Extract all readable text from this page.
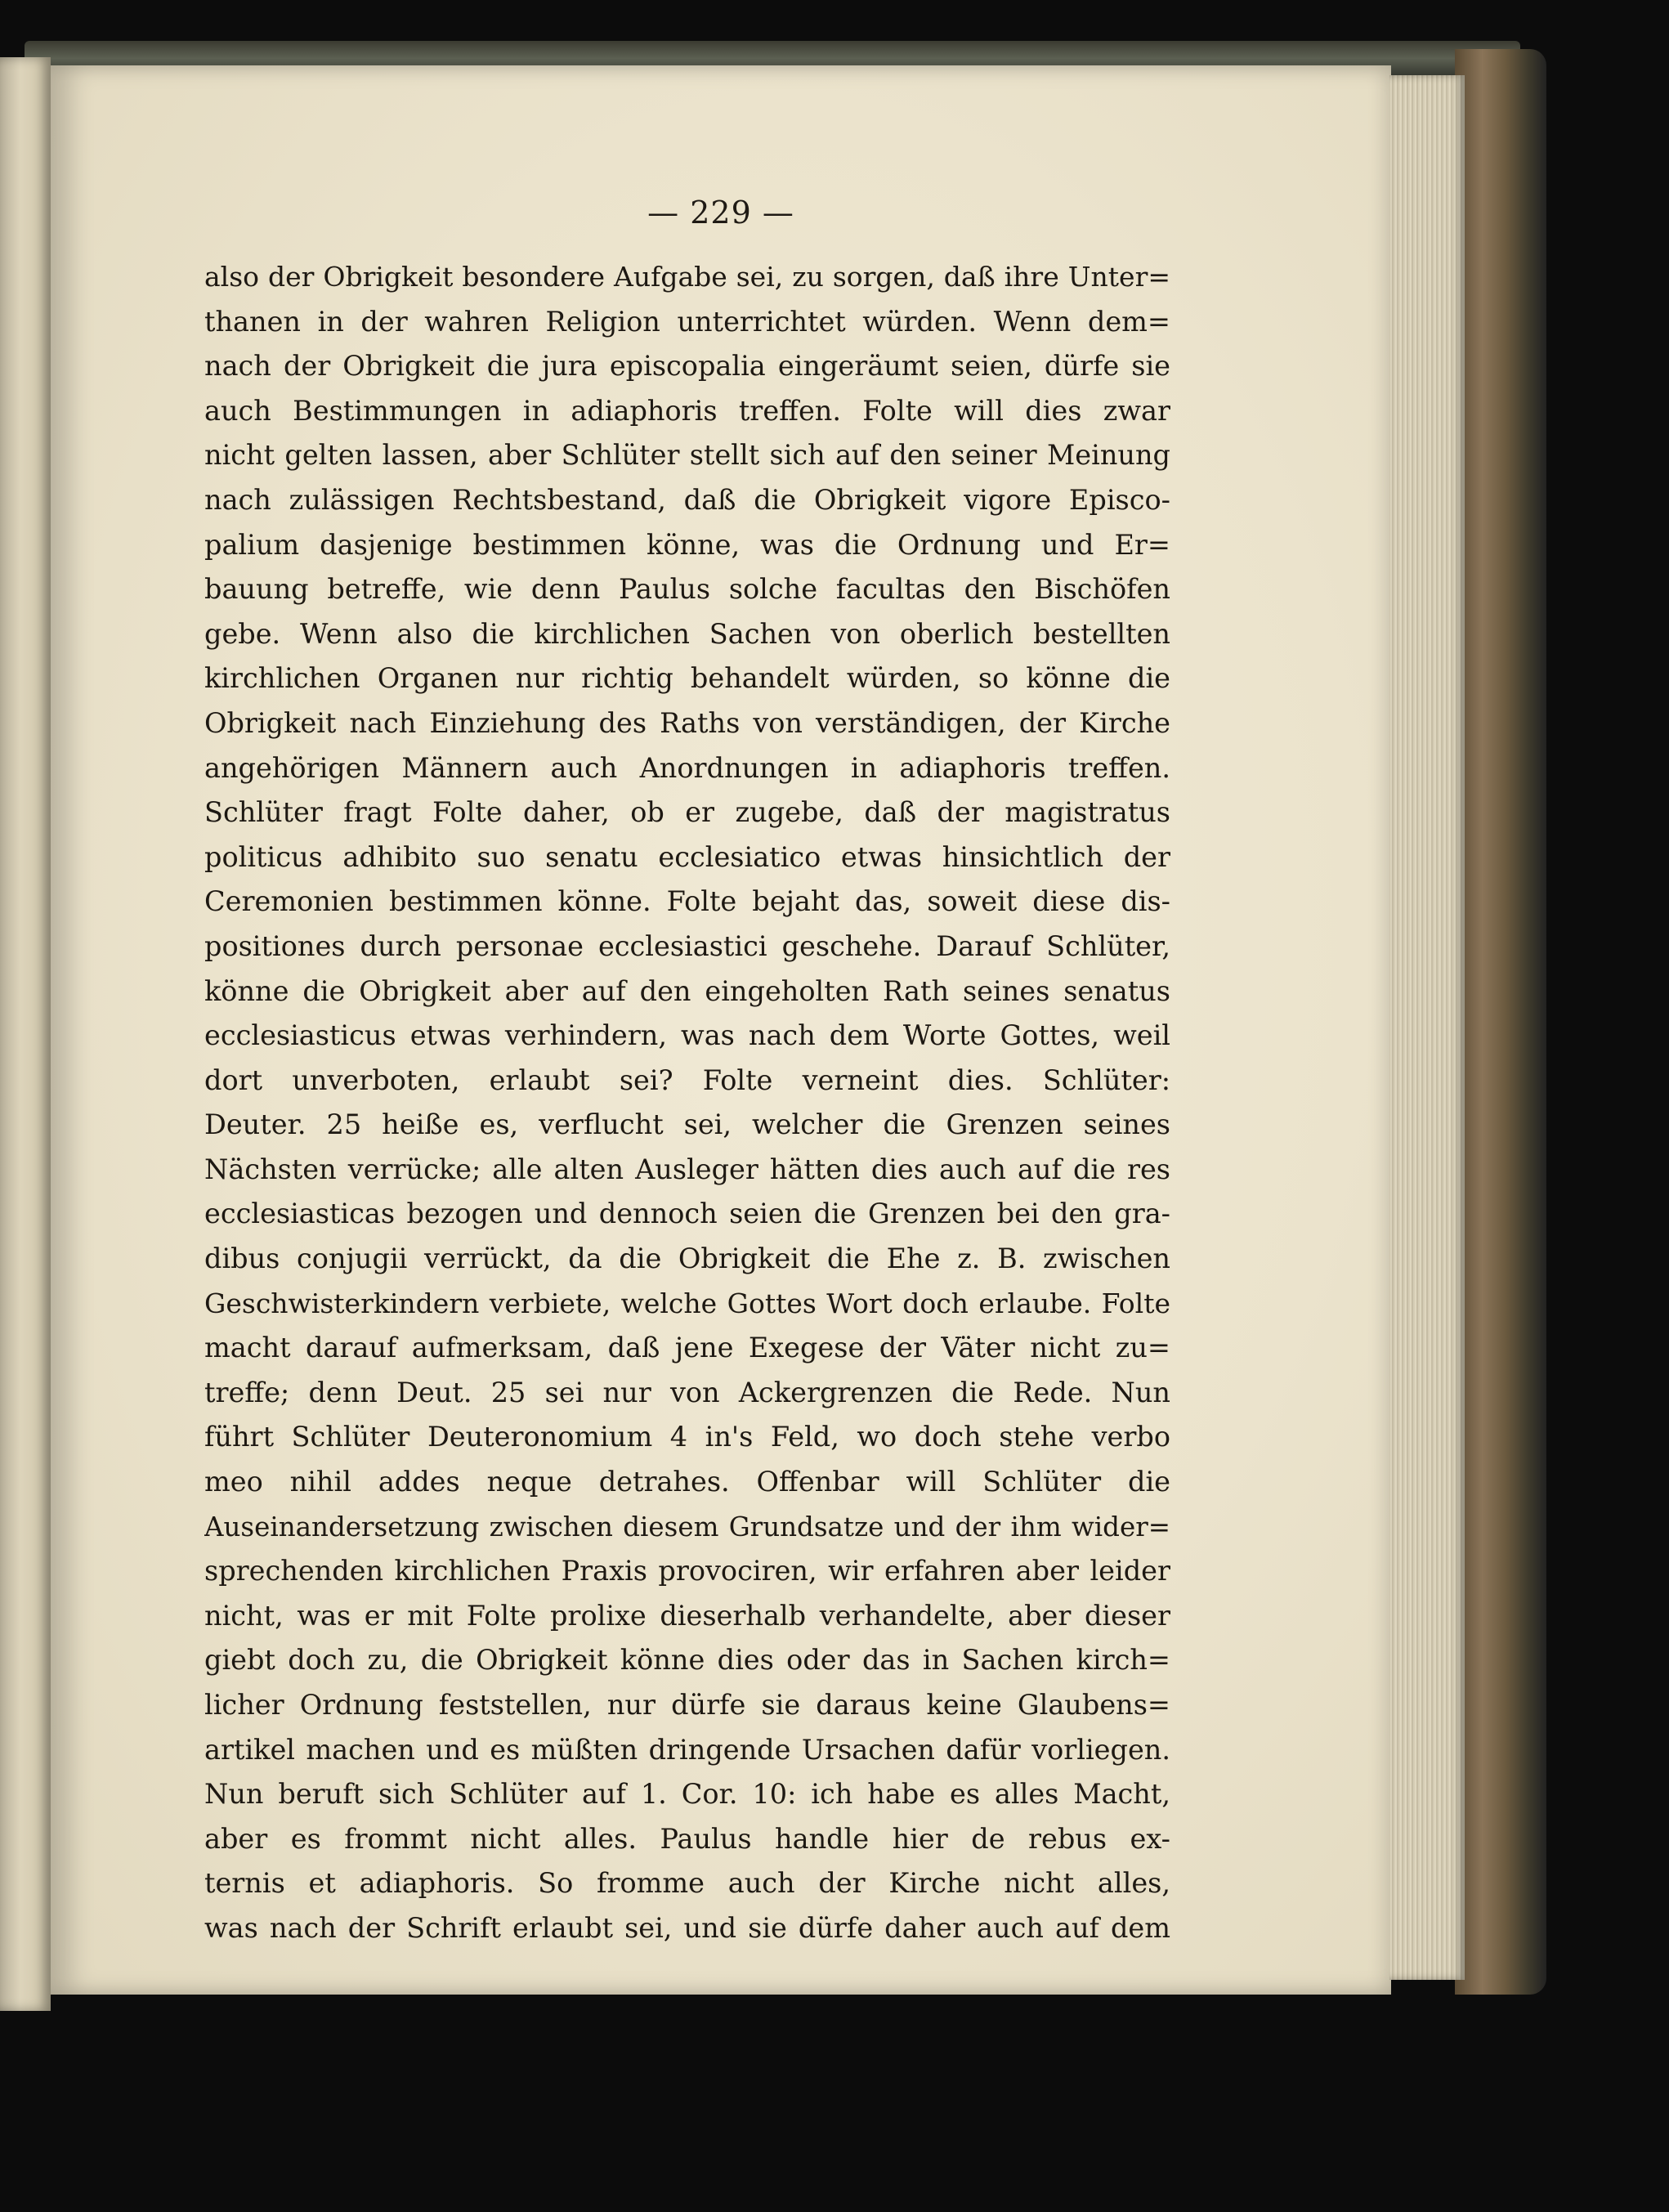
— 229 —
also der Obrigkeit besondere Aufgabe sei, zu sorgen, daß ihre Unter=
thanen in der wahren Religion unterrichtet würden. Wenn dem=
nach der Obrigkeit die jura episcopalia eingeräumt seien, dürfe sie
auch Bestimmungen in adiaphoris treffen. Folte will dies zwar
nicht gelten lassen, aber Schlüter stellt sich auf den seiner Meinung
nach zulässigen Rechtsbestand, daß die Obrigkeit vigore Episco-
palium dasjenige bestimmen könne, was die Ordnung und Er=
bauung betreffe, wie denn Paulus solche facultas den Bischöfen
gebe. Wenn also die kirchlichen Sachen von oberlich bestellten
kirchlichen Organen nur richtig behandelt würden, so könne die
Obrigkeit nach Einziehung des Raths von verständigen, der Kirche
angehörigen Männern auch Anordnungen in adiaphoris treffen.
Schlüter fragt Folte daher, ob er zugebe, daß der magistratus
politicus adhibito suo senatu ecclesiatico etwas hinsichtlich der
Ceremonien bestimmen könne. Folte bejaht das, soweit diese dis-
positiones durch personae ecclesiastici geschehe. Darauf Schlüter,
könne die Obrigkeit aber auf den eingeholten Rath seines senatus
ecclesiasticus etwas verhindern, was nach dem Worte Gottes, weil
dort unverboten, erlaubt sei? Folte verneint dies. Schlüter:
Deuter. 25 heiße es, verflucht sei, welcher die Grenzen seines
Nächsten verrücke; alle alten Ausleger hätten dies auch auf die res
ecclesiasticas bezogen und dennoch seien die Grenzen bei den gra-
dibus conjugii verrückt, da die Obrigkeit die Ehe z. B. zwischen
Geschwisterkindern verbiete, welche Gottes Wort doch erlaube. Folte
macht darauf aufmerksam, daß jene Exegese der Väter nicht zu=
treffe; denn Deut. 25 sei nur von Ackergrenzen die Rede. Nun
führt Schlüter Deuteronomium 4 in's Feld, wo doch stehe verbo
meo nihil addes neque detrahes. Offenbar will Schlüter die
Auseinandersetzung zwischen diesem Grundsatze und der ihm wider=
sprechenden kirchlichen Praxis provociren, wir erfahren aber leider
nicht, was er mit Folte prolixe dieserhalb verhandelte, aber dieser
giebt doch zu, die Obrigkeit könne dies oder das in Sachen kirch=
licher Ordnung feststellen, nur dürfe sie daraus keine Glaubens=
artikel machen und es müßten dringende Ursachen dafür vorliegen.
Nun beruft sich Schlüter auf 1. Cor. 10: ich habe es alles Macht,
aber es frommt nicht alles. Paulus handle hier de rebus ex-
ternis et adiaphoris. So fromme auch der Kirche nicht alles,
was nach der Schrift erlaubt sei, und sie dürfe daher auch auf dem
